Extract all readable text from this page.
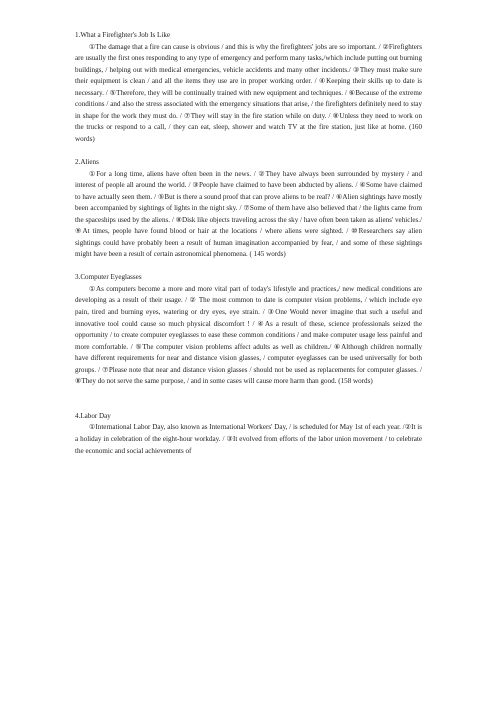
1.What a Firefighter's Job Is Like

①The damage that a fire can cause is obvious / and this is why the firefighters' jobs are so important. / ②Firefighters are usually the first ones responding to any type of emergency and perform many tasks,/which include putting out burning buildings, / helping out with medical emergencies, vehicle accidents and many other incidents./ ③They must make sure their equipment is clean / and all the items they use are in proper working order. / ④Keeping their skills up to date is necessary. / ⑤Therefore, they will be continually trained with new equipment and techniques. / ⑥Because of the extreme conditions / and also the stress associated with the emergency situations that arise, / the firefighters definitely need to stay in shape for the work they must do. / ⑦They will stay in the fire station while on duty. / ⑧Unless they need to work on the trucks or respond to a call, / they can eat, sleep, shower and watch TV at the fire station, just like at home. (160 words)

2.Aliens

①For a long time, aliens have often been in the news. / ②They have always been surrounded by mystery / and interest of people all around the world. / ③People have claimed to have been abducted by aliens. / ④Some have claimed to have actually seen them. / ⑤But is there a sound proof that can prove aliens to be real? / ⑥Alien sightings have mostly been accompanied by sightings of lights in the night sky. / ⑦Some of them have also believed that / the lights came from the spaceships used by the aliens. / ⑧Disk like objects traveling across the sky / have often been taken as aliens' vehicles./ ⑨At times, people have found blood or hair at the locations / where aliens were sighted. / ⑩Researchers say alien sightings could have probably been a result of human imagination accompanied by fear, / and some of these sightings might have been a result of certain astronomical phenomena. ( 145 words)

3.Computer Eyeglasses

①As computers become a more and more vital part of today's lifestyle and practices,/ new medical conditions are developing as a result of their usage. / ② The most common to date is computer vision problems, / which include eye pain, tired and burning eyes, watering or dry eyes, eye strain. / ③One Would never imagine that such a useful and innovative tool could cause so much physical discomfort ! / ④As a result of these, science professionals seized the opportunity / to create computer eyeglasses to ease these common conditions / and make computer usage less painful and more comfortable. / ⑤The computer vision problems affect adults as well as children./ ⑥Although children normally have different requirements for near and distance vision glasses, / computer eyeglasses can be used universally for both groups. / ⑦Please note that near and distance vision glasses / should not be used as replacements for computer glasses. /⑧They do not serve the same purpose, / and in some cases will cause more harm than good. (158 words)

4.Labor Day

①International Labor Day, also known as International Workers' Day, / is scheduled for May 1st of each year. /②It is a holiday in celebration of the eight-hour workday. / ③It evolved from efforts of the labor union movement / to celebrate the economic and social achievements of
